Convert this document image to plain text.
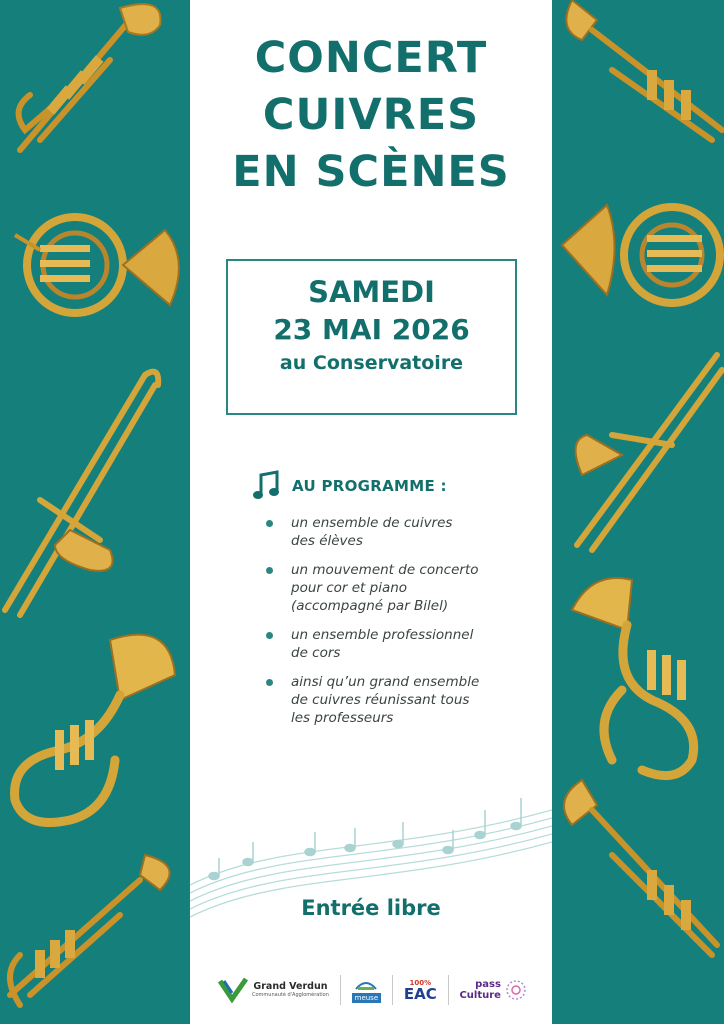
CONCERT
CUIVRES
EN SCÈNES
SAMEDI
23 MAI 2026
au Conservatoire
AU PROGRAMME :
un ensemble de cuivres
des élèves
un mouvement de concerto
pour cor et piano
(accompagné par Bilel)
un ensemble professionnel
de cors
ainsi qu’un grand ensemble
de cuivres réunissant tous
les professeurs
Entrée libre
Grand Verdun
Communauté d'Agglomération	meuse
100%
EAC	pass
Culture
